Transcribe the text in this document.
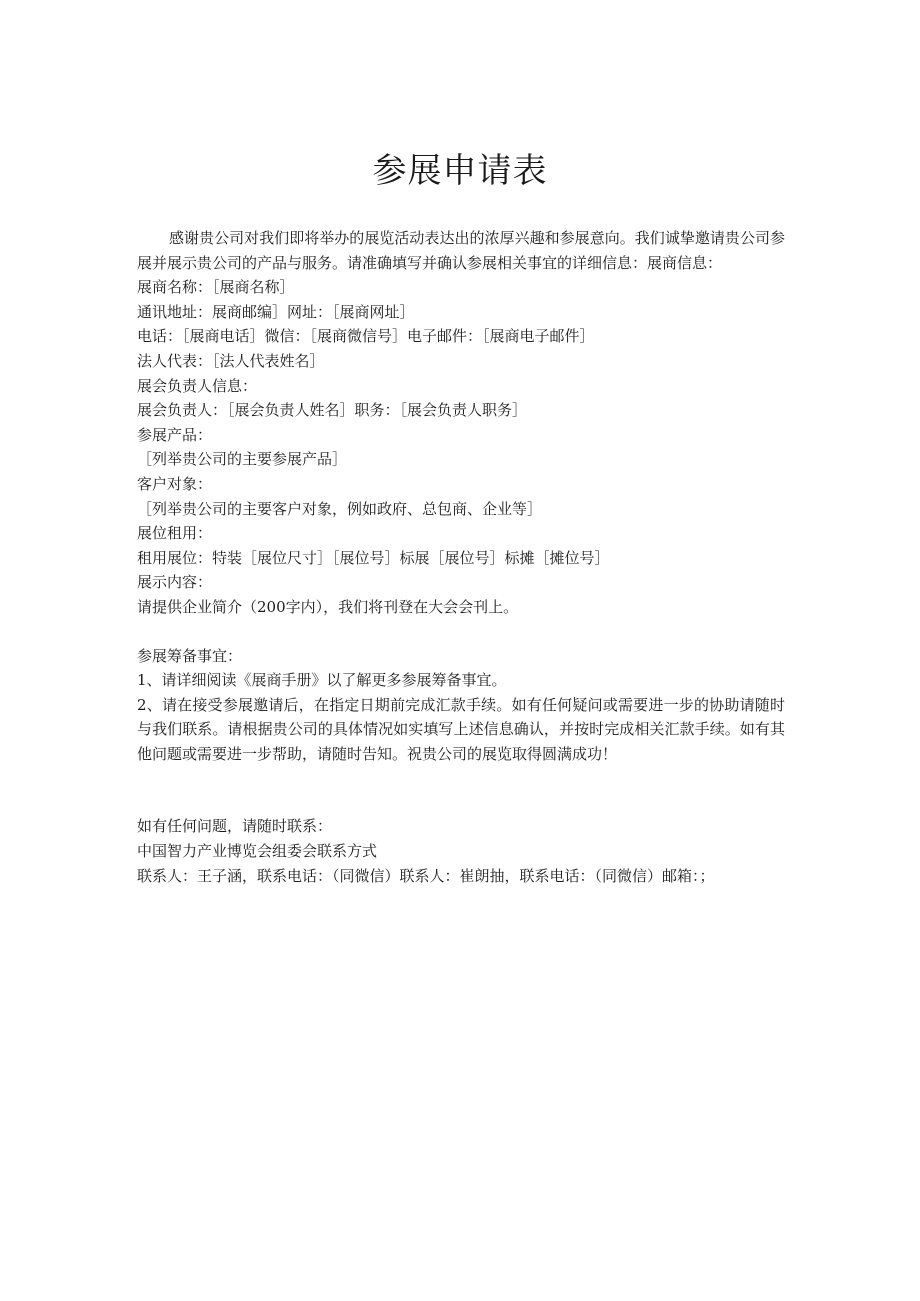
参展申请表
感谢贵公司对我们即将举办的展览活动表达出的浓厚兴趣和参展意向。我们诚挚邀请贵公司参展并展示贵公司的产品与服务。请准确填写并确认参展相关事宜的详细信息：展商信息：
展商名称：［展商名称］
通讯地址：展商邮编］网址：［展商网址］
电话：［展商电话］微信：［展商微信号］电子邮件：［展商电子邮件］
法人代表：［法人代表姓名］
展会负责人信息：
展会负责人：［展会负责人姓名］职务：［展会负责人职务］
参展产品：
［列举贵公司的主要参展产品］
客户对象：
［列举贵公司的主要客户对象，例如政府、总包商、企业等］
展位租用：
租用展位：特装［展位尺寸］［展位号］标展［展位号］标摊［摊位号］
展示内容：
请提供企业简介（200字内），我们将刊登在大会会刊上。
参展筹备事宜：
1、请详细阅读《展商手册》以了解更多参展筹备事宜。
2、请在接受参展邀请后，在指定日期前完成汇款手续。如有任何疑问或需要进一步的协助请随时与我们联系。请根据贵公司的具体情况如实填写上述信息确认，并按时完成相关汇款手续。如有其他问题或需要进一步帮助，请随时告知。祝贵公司的展览取得圆满成功！
如有任何问题，请随时联系：
中国智力产业博览会组委会联系方式
联系人：王子涵，联系电话：（同微信）联系人：崔朗抽，联系电话：（同微信）邮箱：；
